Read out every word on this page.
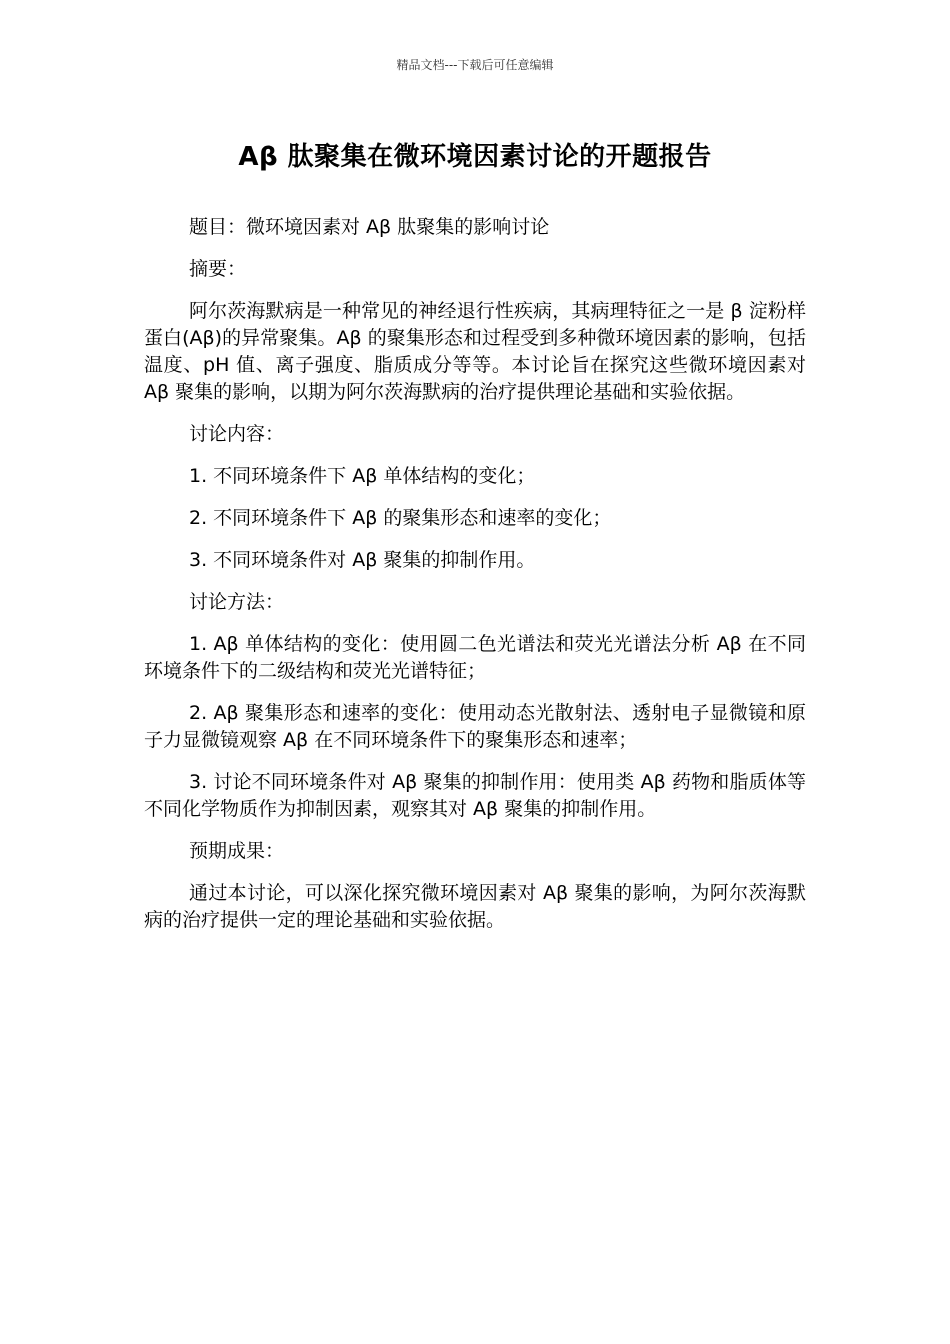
精品文档---下载后可任意编辑
Aβ 肽聚集在微环境因素讨论的开题报告

题目：微环境因素对 Aβ 肽聚集的影响讨论

摘要：

阿尔茨海默病是一种常见的神经退行性疾病，其病理特征之一是 β 淀粉样蛋白(Aβ)的异常聚集。Aβ 的聚集形态和过程受到多种微环境因素的影响，包括温度、pH 值、离子强度、脂质成分等等。本讨论旨在探究这些微环境因素对 Aβ 聚集的影响，以期为阿尔茨海默病的治疗提供理论基础和实验依据。

讨论内容：

1. 不同环境条件下 Aβ 单体结构的变化；

2. 不同环境条件下 Aβ 的聚集形态和速率的变化；

3. 不同环境条件对 Aβ 聚集的抑制作用。

讨论方法：

1. Aβ 单体结构的变化：使用圆二色光谱法和荧光光谱法分析 Aβ 在不同环境条件下的二级结构和荧光光谱特征；

2. Aβ 聚集形态和速率的变化：使用动态光散射法、透射电子显微镜和原子力显微镜观察 Aβ 在不同环境条件下的聚集形态和速率；

3. 讨论不同环境条件对 Aβ 聚集的抑制作用：使用类 Aβ 药物和脂质体等不同化学物质作为抑制因素，观察其对 Aβ 聚集的抑制作用。

预期成果：

通过本讨论，可以深化探究微环境因素对 Aβ 聚集的影响，为阿尔茨海默病的治疗提供一定的理论基础和实验依据。
